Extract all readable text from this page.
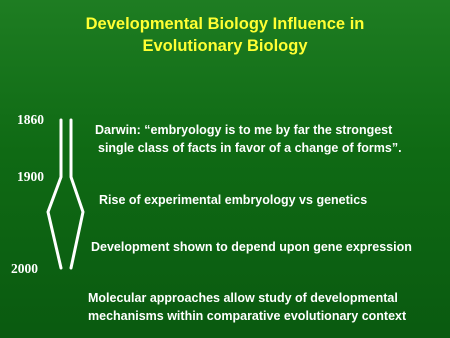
Developmental Biology Influence in
Evolutionary Biology
1860
1900
2000
Darwin: “embryology is to me by far the strongest
single class of facts in favor of a change of forms”.
Rise of experimental embryology vs genetics
Development shown to depend upon gene expression
Molecular approaches allow study of developmental
mechanisms within comparative evolutionary context
